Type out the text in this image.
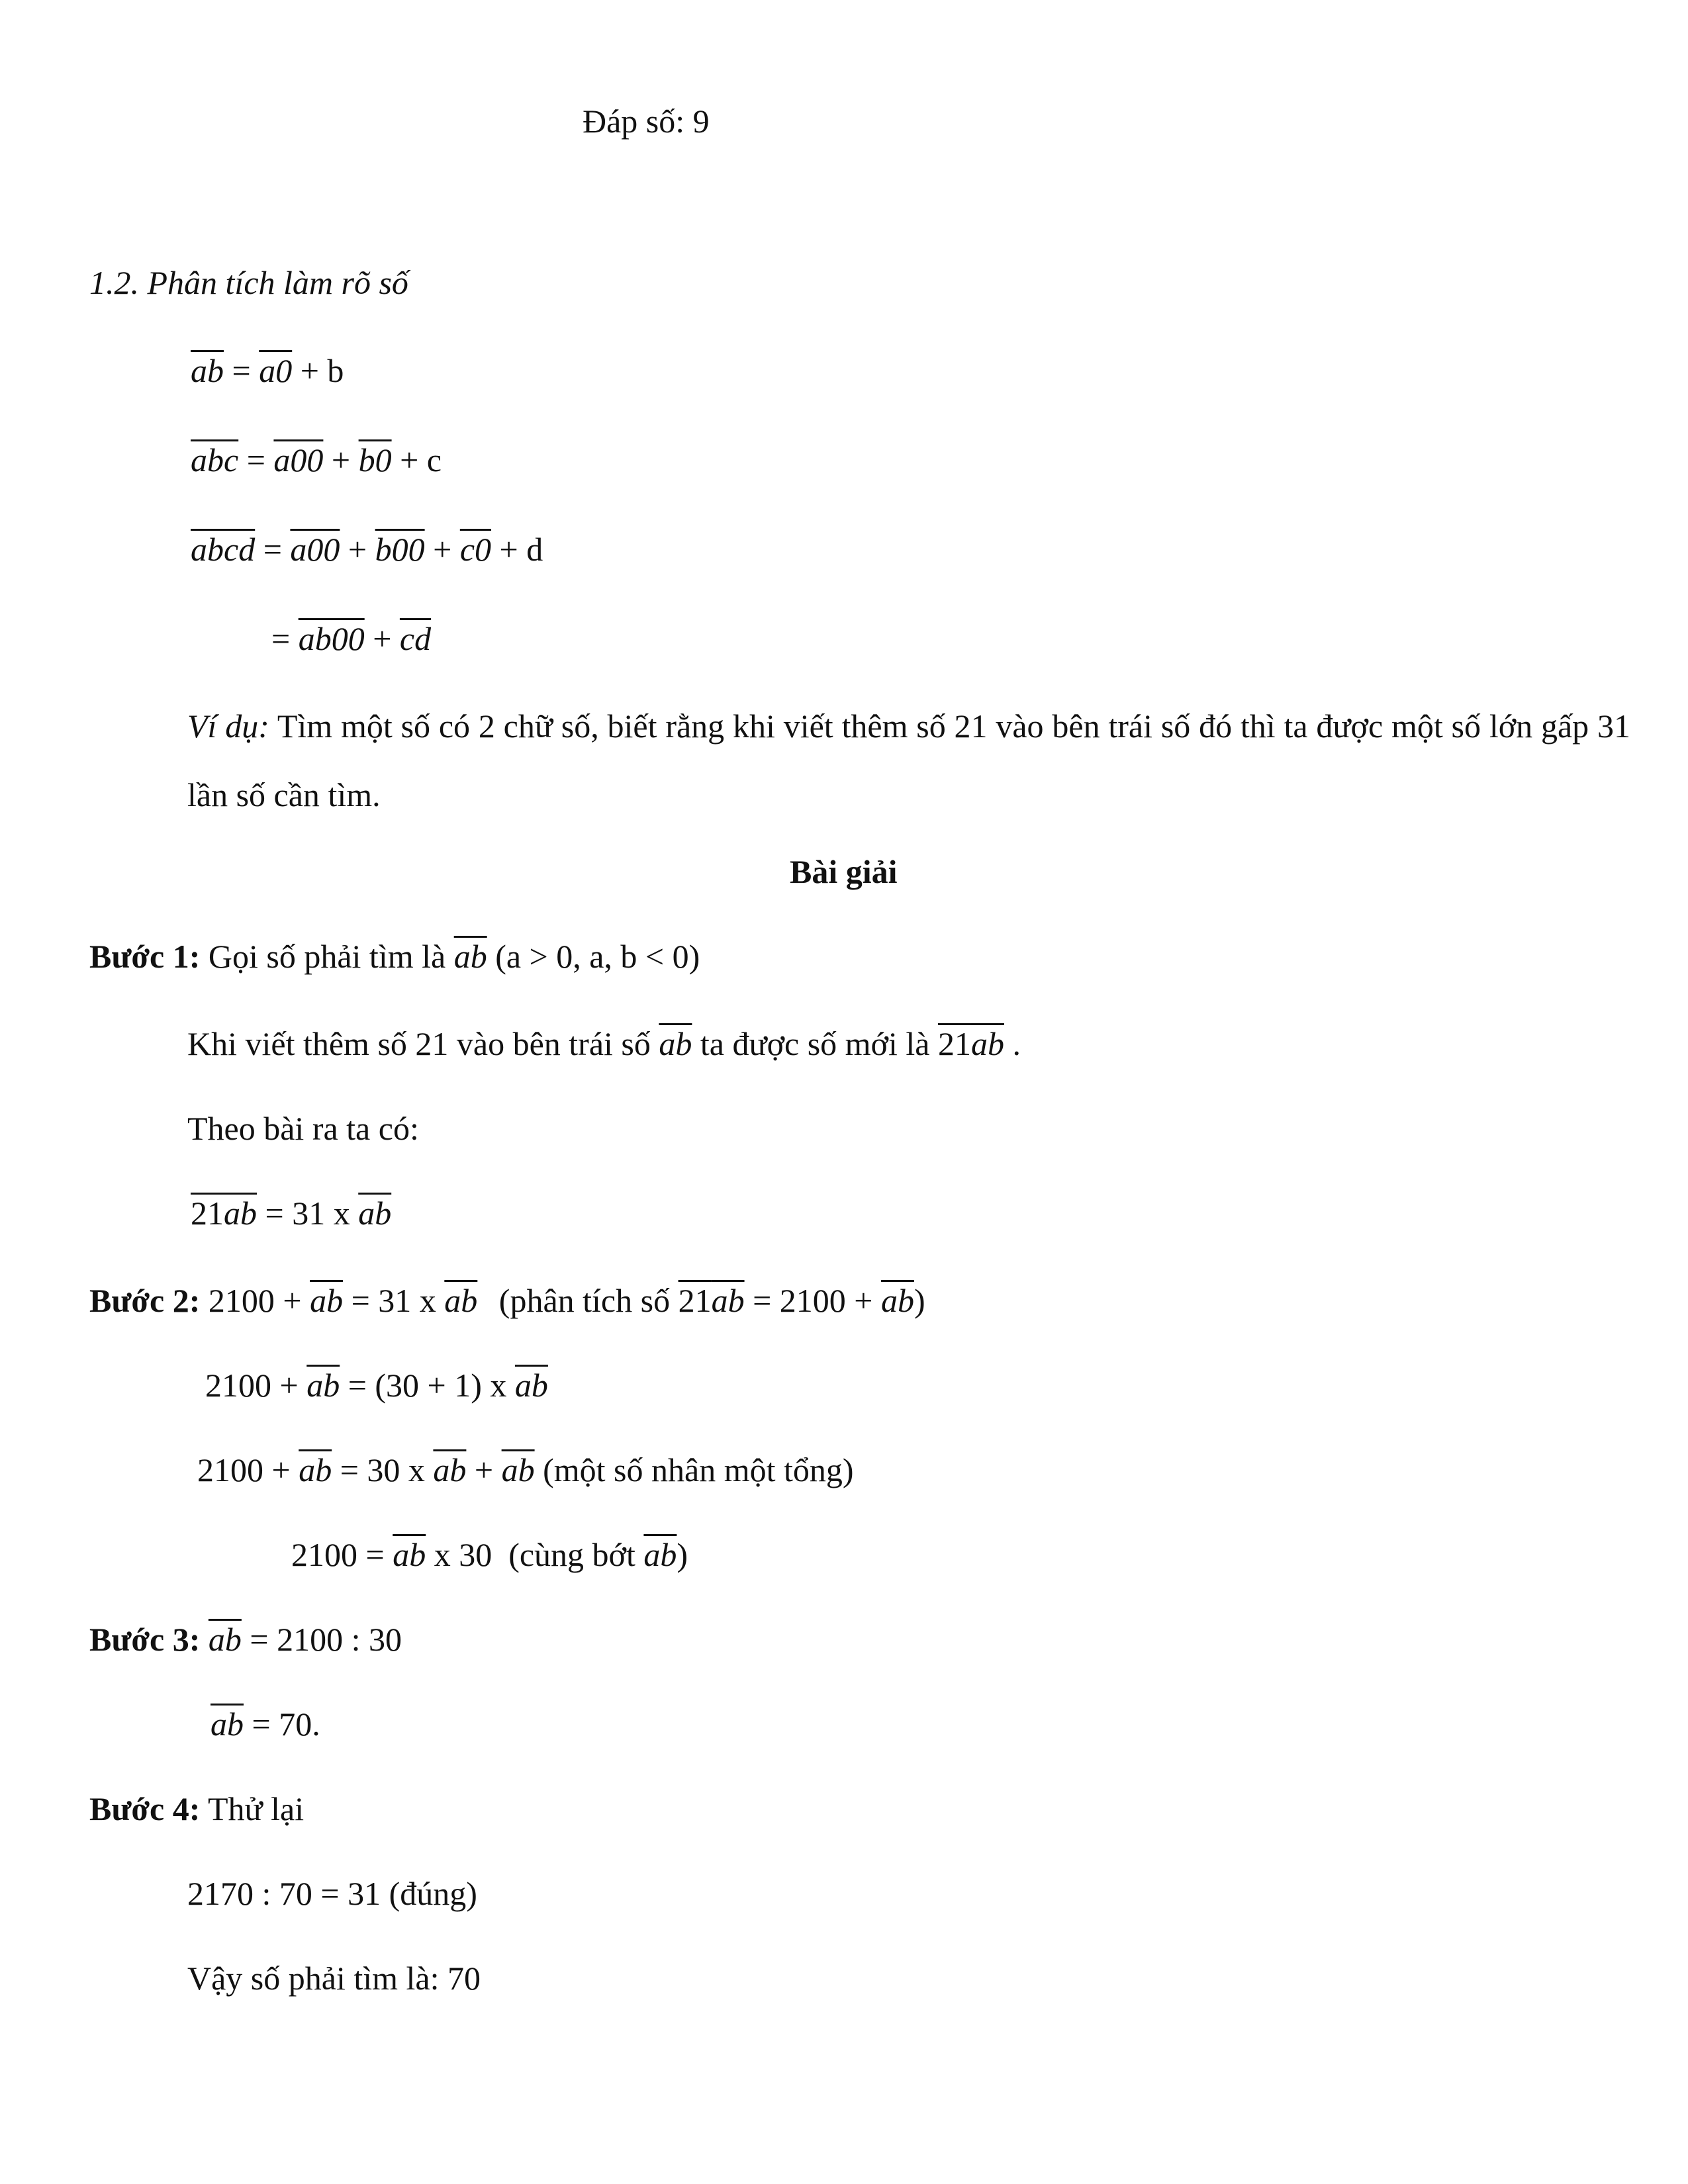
Đáp số: 9
1.2. Phân tích làm rõ số
$\overline{ab} = a0 + b$
$\overline{abc} = a00 + b0 + c$
abcd = a00 + b00 + c0 + d
= $ab00 + \overline{cd}$
Ví dụ: Tìm một số có 2 chữ số, biết rằng khi viết thêm số 21 vào bên trái số đó thì ta được một số lớn gấp 31 lần số cần tìm.
Bài giải
Bước 1: Gọi số phải tìm là $\overline{ab}$ (a > 0, a, b < 0)
Khi viết thêm số 21 vào bên trái số $\overline{ab}$ ta được số mới là 21ab .
Theo bài ra ta có:
21ab = 31 x $\overline{ab}$
Bước 2: $2100 + \overline{ab} = 31$ x $\overline{ab}$ (phân tích số $21ab = 2100 + \overline{ab}$)
$2100 + \overline{ab} = (30 + 1)$ x $\overline{ab}$
$2100 + \overline{ab} = 30$ x $\overline{ab} + \overline{ab}$ (một số nhân một tổng)
$2100 = \overline{ab}$ x 30  (cùng bớt $\overline{ab}$)
Bước 3: $\overline{ab} = 2100$ : 30
$\overline{ab} = 70$.
Bước 4: Thử lại
2170 : 70 = 31 (đúng)
Vậy số phải tìm là: 70
